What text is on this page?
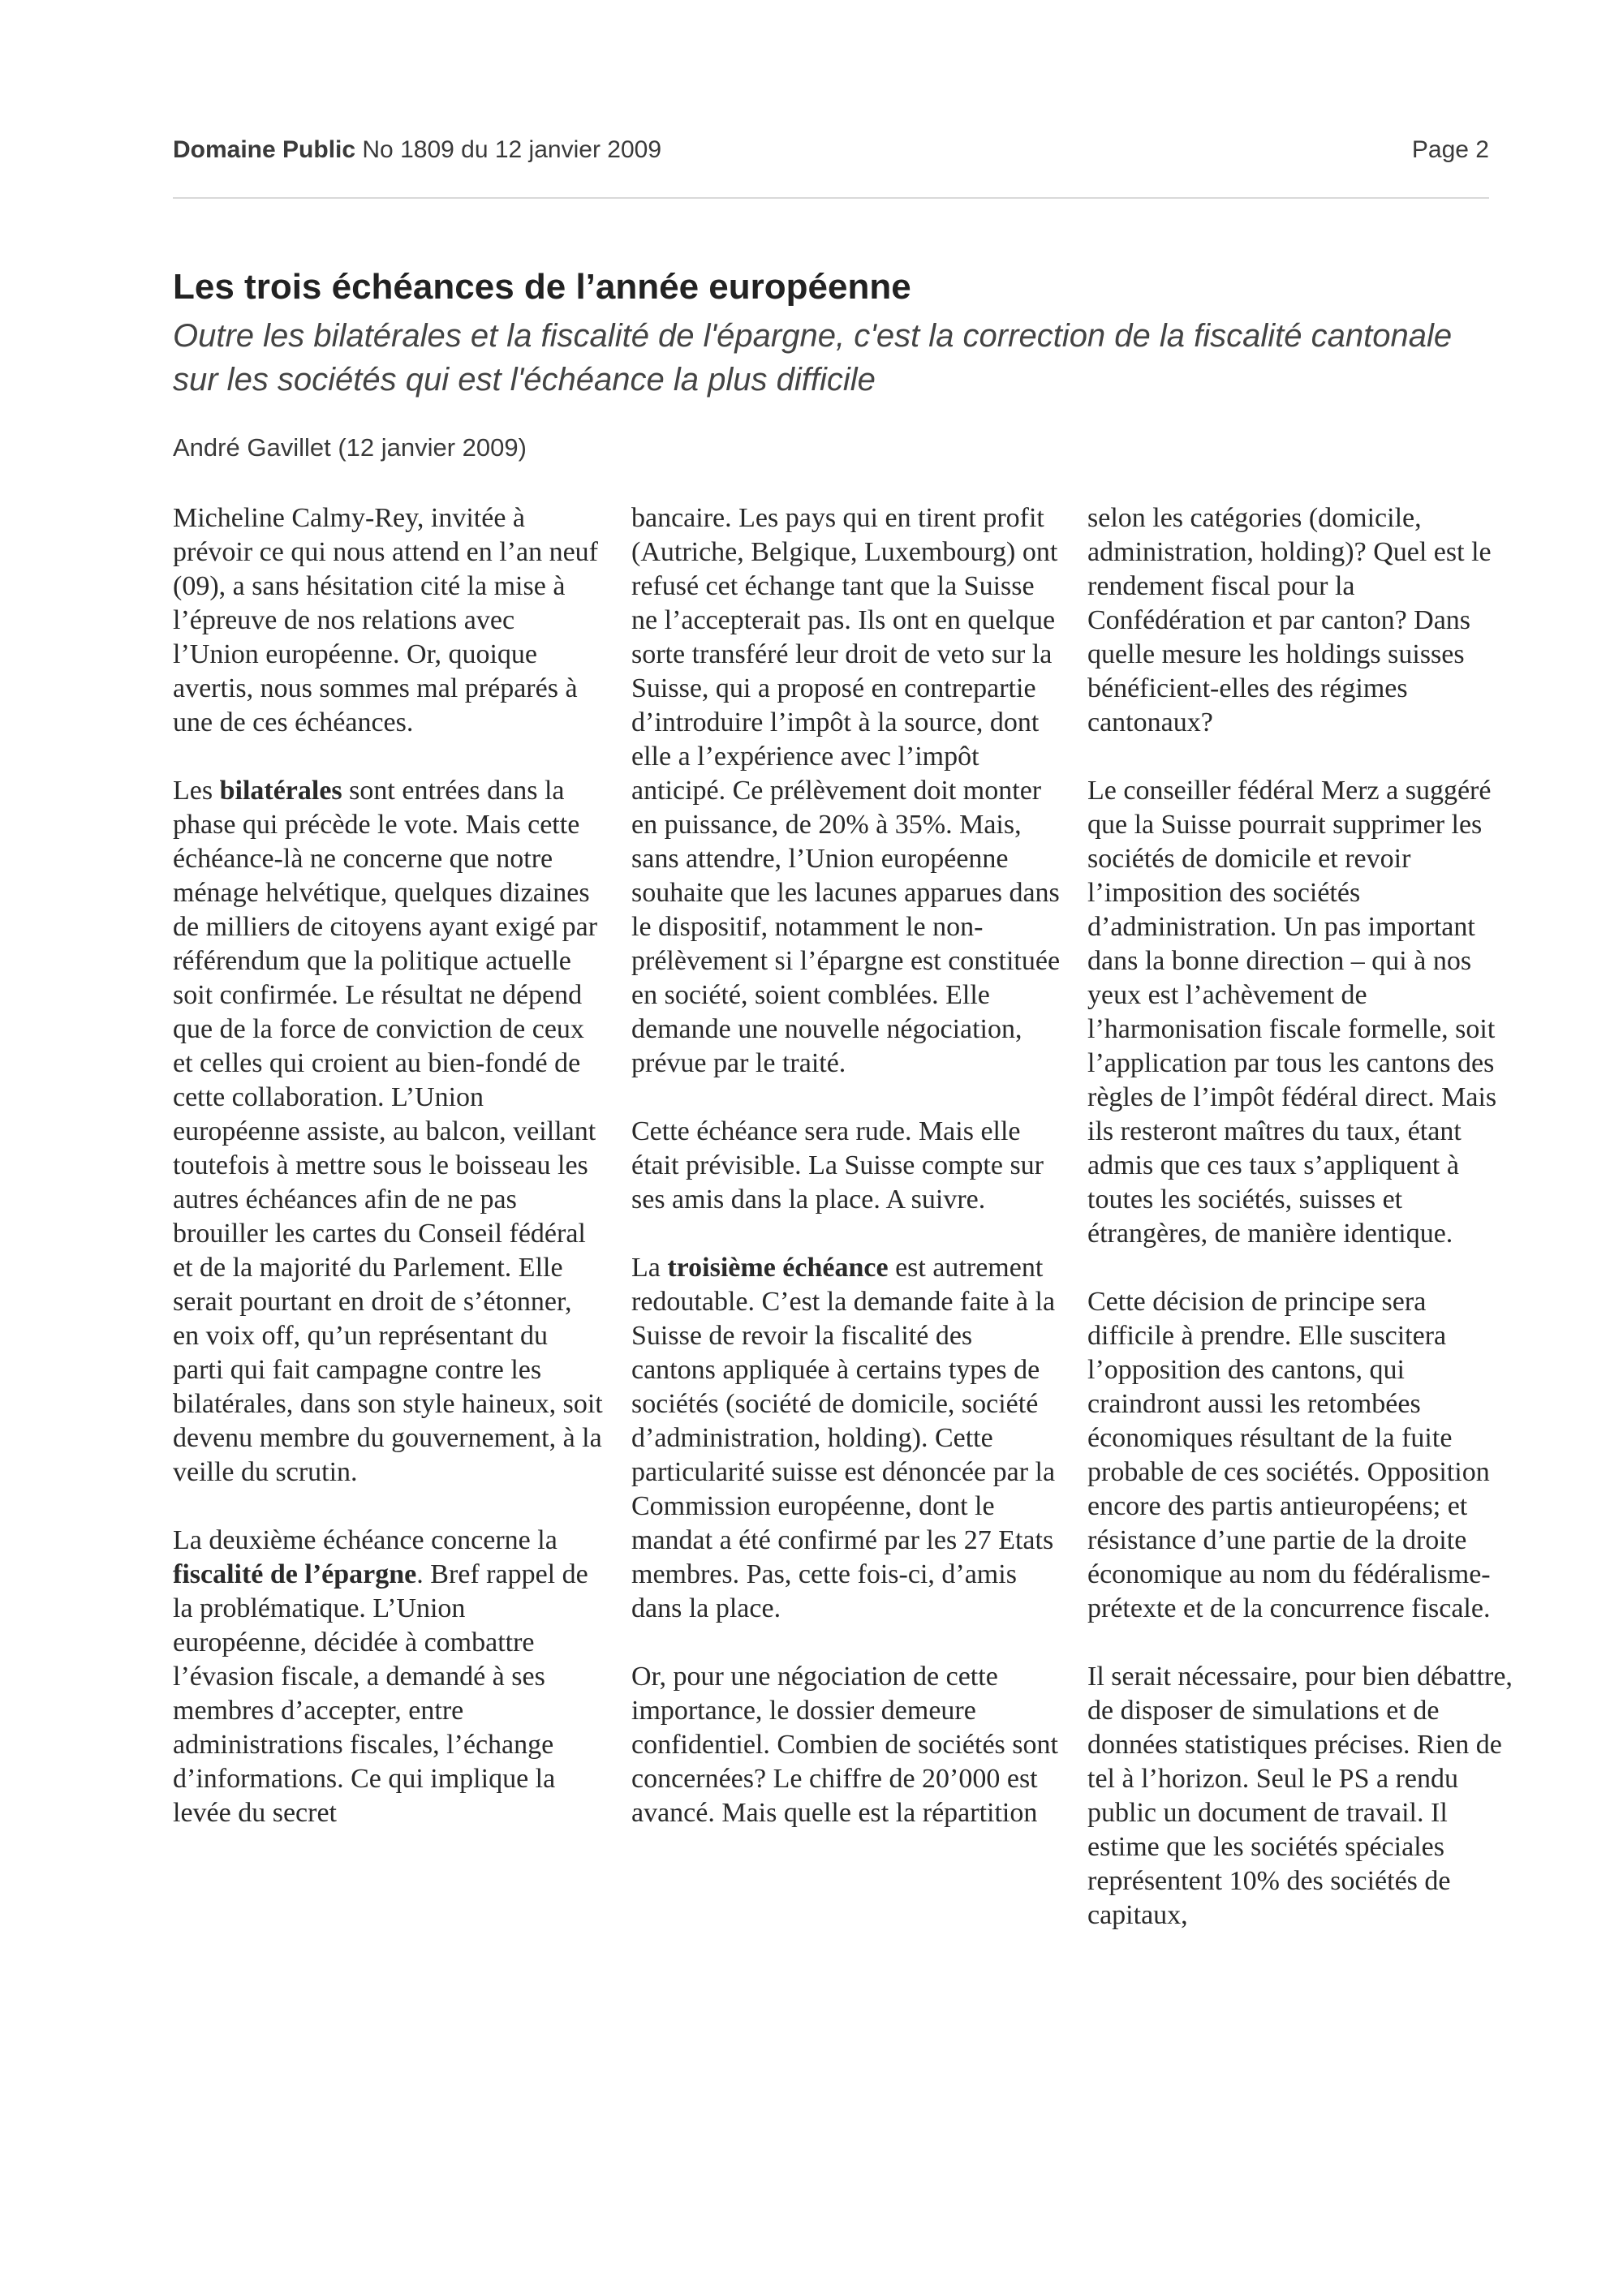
Domaine Public No 1809 du 12 janvier 2009	Page 2
Les trois échéances de l’année européenne

Outre les bilatérales et la fiscalité de l'épargne, c'est la correction de la fiscalité cantonale sur les sociétés qui est l'échéance la plus difficile

André Gavillet (12 janvier 2009)

Micheline Calmy-Rey, invitée à prévoir ce qui nous attend en l’an neuf (09), a sans hésitation cité la mise à l’épreuve de nos relations avec l’Union européenne. Or, quoique avertis, nous sommes mal préparés à une de ces échéances.

Les bilatérales sont entrées dans la phase qui précède le vote. Mais cette échéance-là ne concerne que notre ménage helvétique, quelques dizaines de milliers de citoyens ayant exigé par référendum que la politique actuelle soit confirmée. Le résultat ne dépend que de la force de conviction de ceux et celles qui croient au bien-fondé de cette collaboration. L’Union européenne assiste, au balcon, veillant toutefois à mettre sous le boisseau les autres échéances afin de ne pas brouiller les cartes du Conseil fédéral et de la majorité du Parlement. Elle serait pourtant en droit de s’étonner, en voix off, qu’un représentant du parti qui fait campagne contre les bilatérales, dans son style haineux, soit devenu membre du gouvernement, à la veille du scrutin.

La deuxième échéance concerne la fiscalité de l’épargne. Bref rappel de la problématique. L’Union européenne, décidée à combattre l’évasion fiscale, a demandé à ses membres d’accepter, entre administrations fiscales, l’échange d’informations. Ce qui implique la levée du secret

bancaire. Les pays qui en tirent profit (Autriche, Belgique, Luxembourg) ont refusé cet échange tant que la Suisse ne l’accepterait pas. Ils ont en quelque sorte transféré leur droit de veto sur la Suisse, qui a proposé en contrepartie d’introduire l’impôt à la source, dont elle a l’expérience avec l’impôt anticipé. Ce prélèvement doit monter en puissance, de 20% à 35%. Mais, sans attendre, l’Union européenne souhaite que les lacunes apparues dans le dispositif, notamment le non-prélèvement si l’épargne est constituée en société, soient comblées. Elle demande une nouvelle négociation, prévue par le traité.

Cette échéance sera rude. Mais elle était prévisible. La Suisse compte sur ses amis dans la place. A suivre.

La troisième échéance est autrement redoutable. C’est la demande faite à la Suisse de revoir la fiscalité des cantons appliquée à certains types de sociétés (société de domicile, société d’administration, holding). Cette particularité suisse est dénoncée par la Commission européenne, dont le mandat a été confirmé par les 27 Etats membres. Pas, cette fois-ci, d’amis dans la place.

Or, pour une négociation de cette importance, le dossier demeure confidentiel. Combien de sociétés sont concernées? Le chiffre de 20’000 est avancé. Mais quelle est la répartition

selon les catégories (domicile, administration, holding)? Quel est le rendement fiscal pour la Confédération et par canton? Dans quelle mesure les holdings suisses bénéficient-elles des régimes cantonaux?

Le conseiller fédéral Merz a suggéré que la Suisse pourrait supprimer les sociétés de domicile et revoir l’imposition des sociétés d’administration. Un pas important dans la bonne direction – qui à nos yeux est l’achèvement de l’harmonisation fiscale formelle, soit l’application par tous les cantons des règles de l’impôt fédéral direct. Mais ils resteront maîtres du taux, étant admis que ces taux s’appliquent à toutes les sociétés, suisses et étrangères, de manière identique.

Cette décision de principe sera difficile à prendre. Elle suscitera l’opposition des cantons, qui craindront aussi les retombées économiques résultant de la fuite probable de ces sociétés. Opposition encore des partis antieuropéens; et résistance d’une partie de la droite économique au nom du fédéralisme-prétexte et de la concurrence fiscale.

Il serait nécessaire, pour bien débattre, de disposer de simulations et de données statistiques précises. Rien de tel à l’horizon. Seul le PS a rendu public un document de travail. Il estime que les sociétés spéciales représentent 10% des sociétés de capitaux,
